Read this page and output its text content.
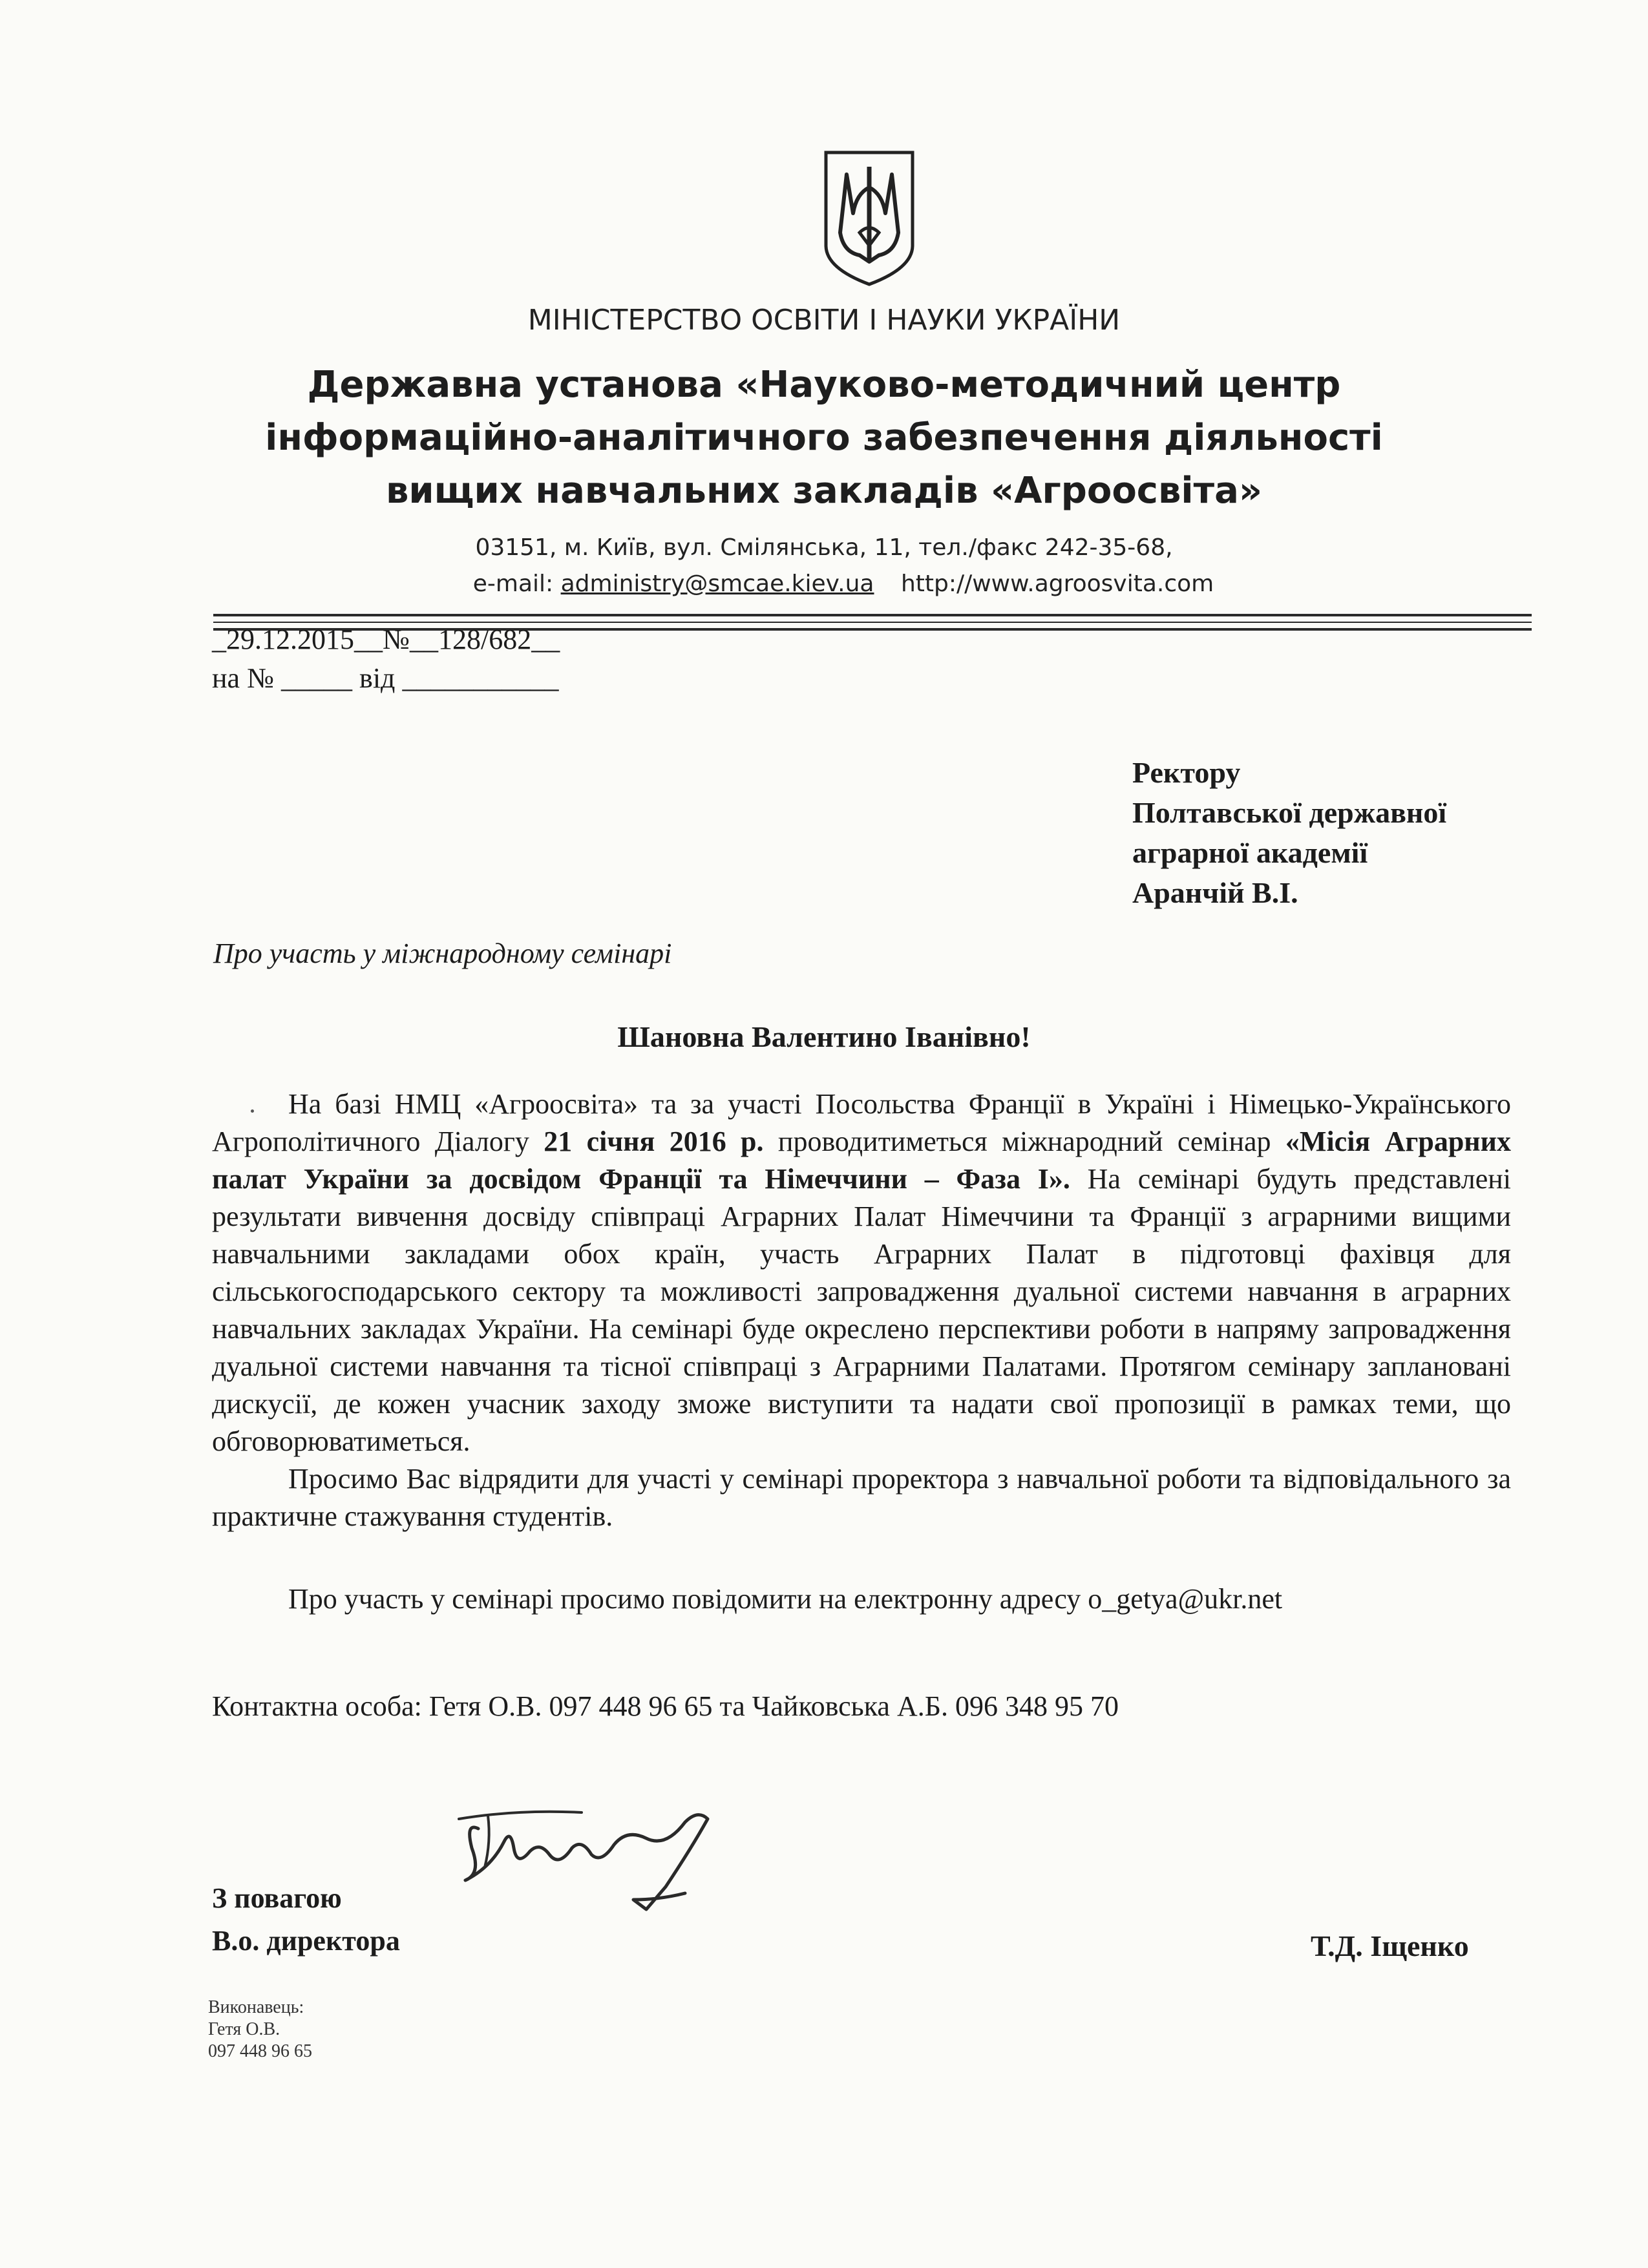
МІНІСТЕРСТВО ОСВІТИ І НАУКИ УКРАЇНИ
Державна установа «Науково-методичний центр
інформаційно-аналітичного забезпечення діяльності
вищих навчальних закладів «Агроосвіта»
03151, м. Київ, вул. Смілянська, 11, тел./факс 242-35-68,
e-mail: administry@smcae.kiev.ua http://www.agroosvita.com
_29.12.2015__№__128/682__
на № _____ від ___________
Ректору
Полтавської державної
аграрної академії
Аранчій В.І.
Про участь у міжнародному семінарі
Шановна Валентино Іванівно!

На базі НМЦ «Агроосвіта» та за участі Посольства Франції в Україні і Німецько-Українського Агрополітичного Діалогу 21 січня 2016 р. проводитиметься міжнародний семінар «Місія Аграрних палат України за досвідом Франції та Німеччини – Фаза І». На семінарі будуть представлені результати вивчення досвіду співпраці Аграрних Палат Німеччини та Франції з аграрними вищими навчальними закладами обох країн, участь Аграрних Палат в підготовці фахівця для сільськогосподарського сектору та можливості запровадження дуальної системи навчання в аграрних навчальних закладах України. На семінарі буде окреслено перспективи роботи в напряму запровадження дуальної системи навчання та тісної співпраці з Аграрними Палатами. Протягом семінару заплановані дискусії, де кожен учасник заходу зможе виступити та надати свої пропозиції в рамках теми, що обговорюватиметься.

Просимо Вас відрядити для участі у семінарі проректора з навчальної роботи та відповідального за практичне стажування студентів.

Про участь у семінарі просимо повідомити на електронну адресу o_getya@ukr.net

Контактна особа: Гетя О.В. 097 448 96 65 та Чайковська А.Б. 096 348 95 70
З повагою
В.о. директора	Т.Д. Іщенко
Виконавець:
Гетя О.В.
097 448 96 65
